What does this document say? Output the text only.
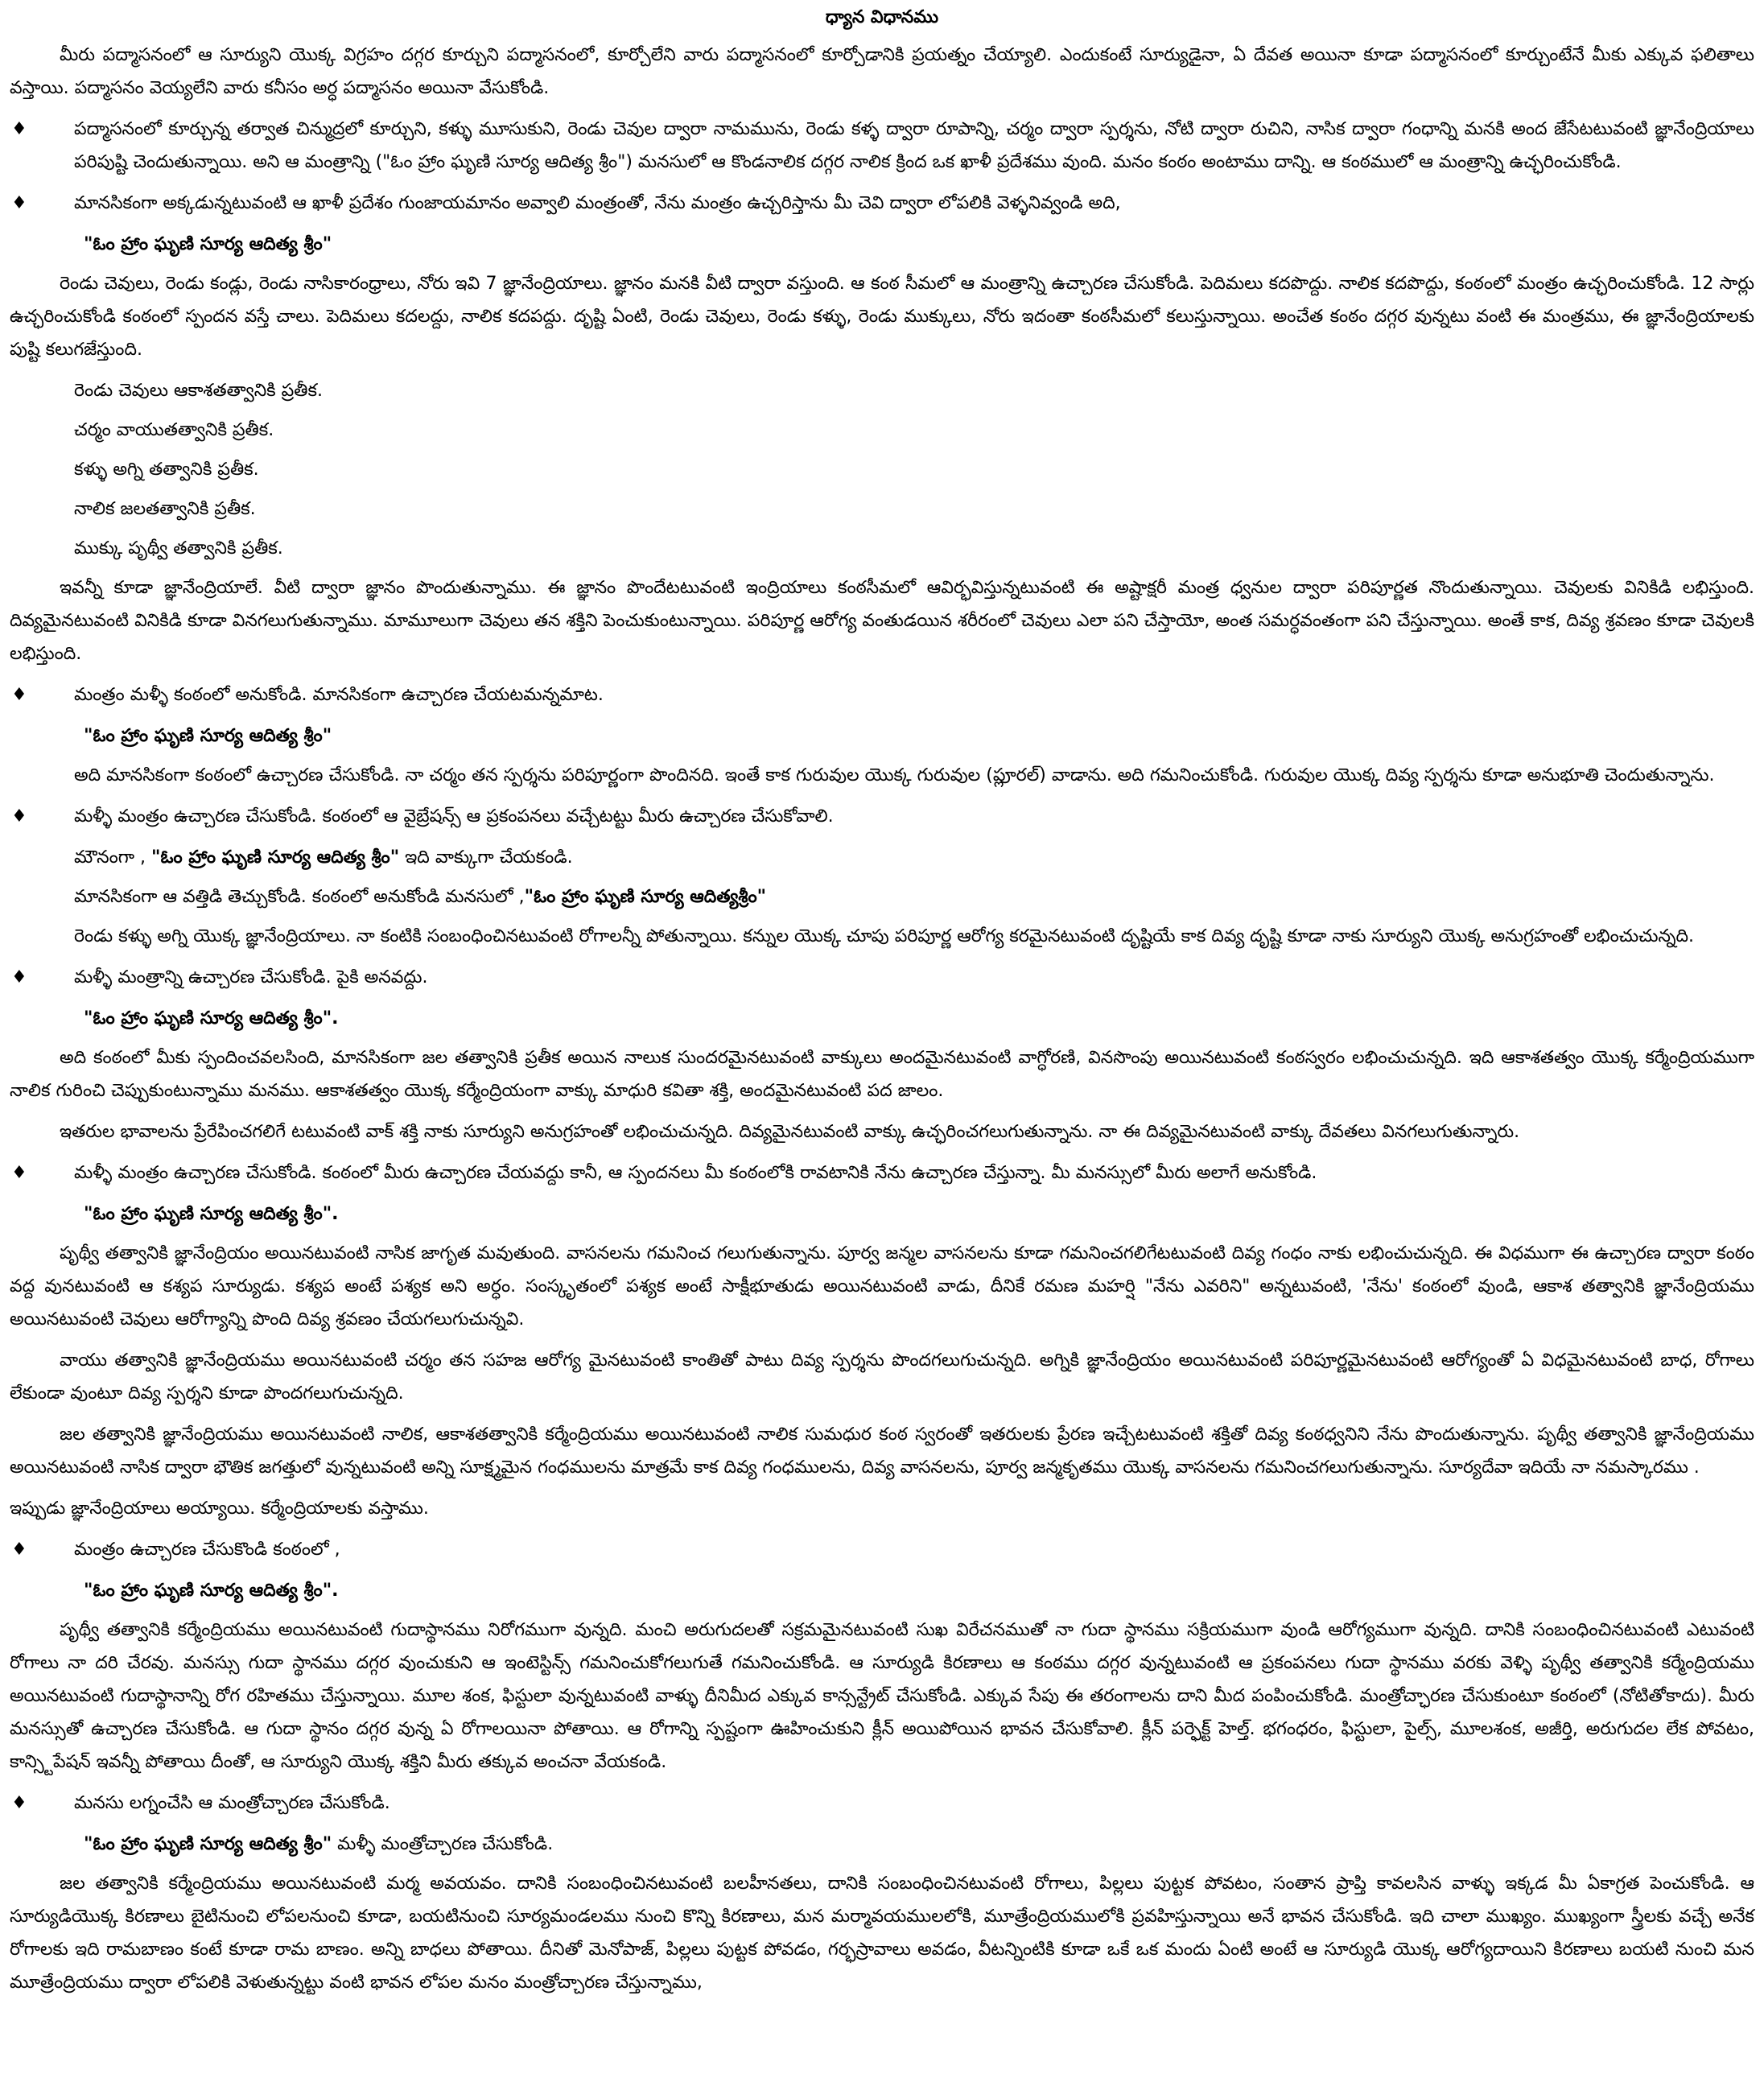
ధ్యాన విధానము

మీరు పద్మాసనంలో ఆ సూర్యుని యొక్క విగ్రహం దగ్గర కూర్చుని పద్మాసనంలో, కూర్చోలేని వారు పద్మాసనంలో కూర్చోడానికి ప్రయత్నం చేయ్యాలి. ఎందుకంటే సూర్యుడైనా, ఏ దేవత అయినా కూడా పద్మాసనంలో కూర్చుంటేనే మీకు ఎక్కువ ఫలితాలు వస్తాయి. పద్మాసనం వెయ్యలేని వారు కనీసం అర్ధ పద్మాసనం అయినా వేసుకోండి.

♦	పద్మాసనంలో కూర్చున్న తర్వాత చిన్ముద్రలో కూర్చుని, కళ్ళు మూసుకుని, రెండు చెవుల ద్వారా నామమును, రెండు కళ్ళ ద్వారా రూపాన్ని, చర్మం ద్వారా స్పర్శను, నోటి ద్వారా రుచిని, నాసిక ద్వారా గంధాన్ని మనకి అంద జేసేటటువంటి జ్ఞానేంద్రియాలు పరిపుష్టి చెందుతున్నాయి. అని ఆ మంత్రాన్ని ("ఓం హ్రాం ఘృణి సూర్య ఆదిత్య శ్రీం") మనసులో ఆ కొండనాలిక దగ్గర నాలిక క్రింద ఒక ఖాళీ ప్రదేశము వుంది. మనం కంఠం అంటాము దాన్ని. ఆ కంఠములో ఆ మంత్రాన్ని ఉచ్ఛరించుకోండి.
♦	మానసికంగా అక్కడున్నటువంటి ఆ ఖాళీ ప్రదేశం గుంజాయమానం అవ్వాలి మంత్రంతో, నేను మంత్రం ఉచ్చరిస్తాను మీ చెవి ద్వారా లోపలికి వెళ్ళనివ్వండి అది,
"ఓం హ్రాం ఘృణి సూర్య ఆదిత్య శ్రీం"

రెండు చెవులు, రెండు కండ్లు, రెండు నాసికారంధ్రాలు, నోరు ఇవి 7 జ్ఞానేంద్రియాలు. జ్ఞానం మనకి వీటి ద్వారా వస్తుంది. ఆ కంఠ సీమలో ఆ మంత్రాన్ని ఉచ్చారణ చేసుకోండి. పెదిమలు కదపొద్దు. నాలిక కదపొద్దు, కంఠంలో మంత్రం ఉచ్ఛరించుకోండి. 12 సార్లు ఉచ్ఛరించుకోండి కంఠంలో స్పందన వస్తే చాలు. పెదిమలు కదలద్దు, నాలిక కదపద్దు. దృష్టి ఏంటి, రెండు చెవులు, రెండు కళ్ళు, రెండు ముక్కులు, నోరు ఇదంతా కంఠసీమలో కలుస్తున్నాయి. అంచేత కంఠం దగ్గర వున్నటు వంటి ఈ మంత్రము, ఈ జ్ఞానేంద్రియాలకు పుష్టి కలుగజేస్తుంది.

రెండు చెవులు ఆకాశతత్వానికి ప్రతీక.
చర్మం వాయుతత్వానికి ప్రతీక.
కళ్ళు అగ్ని తత్వానికి ప్రతీక.
నాలిక జలతత్వానికి ప్రతీక.
ముక్కు పృథ్వీ తత్వానికి ప్రతీక.

ఇవన్నీ కూడా జ్ఞానేంద్రియాలే. వీటి ద్వారా జ్ఞానం పొందుతున్నాము. ఈ జ్ఞానం పొందేటటువంటి ఇంద్రియాలు కంఠసీమలో ఆవిర్భవిస్తున్నటువంటి ఈ అష్టాక్షరీ మంత్ర ధ్వనుల ద్వారా పరిపూర్ణత నొందుతున్నాయి. చెవులకు వినికిడి లభిస్తుంది. దివ్యమైనటువంటి వినికిడి కూడా వినగలుగుతున్నాము. మామూలుగా చెవులు తన శక్తిని పెంచుకుంటున్నాయి. పరిపూర్ణ ఆరోగ్య వంతుడయిన శరీరంలో చెవులు ఎలా పని చేస్తాయో, అంత సమర్ధవంతంగా పని చేస్తున్నాయి. అంతే కాక, దివ్య శ్రవణం కూడా చెవులకి లభిస్తుంది.

♦	మంత్రం మళ్ళీ కంఠంలో అనుకోండి. మానసికంగా ఉచ్చారణ చేయటమన్నమాట.
"ఓం హ్రాం ఘృణి సూర్య ఆదిత్య శ్రీం"

అది మానసికంగా కంఠంలో ఉచ్చారణ చేసుకోండి. నా చర్మం తన స్పర్శను పరిపూర్ణంగా పొందినది. ఇంతే కాక గురువుల యొక్క గురువుల (ప్లూరల్) వాడాను. అది గమనించుకోండి. గురువుల యొక్క దివ్య స్పర్శను కూడా అనుభూతి చెందుతున్నాను.

♦	మళ్ళీ మంత్రం ఉచ్చారణ చేసుకోండి. కంఠంలో ఆ వైబ్రేషన్స్ ఆ ప్రకంపనలు వచ్చేటట్టు మీరు ఉచ్చారణ చేసుకోవాలి.
మౌనంగా , "ఓం హ్రాం ఘృణి సూర్య ఆదిత్య శ్రీం" ఇది వాక్కుగా చేయకండి.
మానసికంగా ఆ వత్తిడి తెచ్చుకోండి. కంఠంలో అనుకోండి మనసులో ,"ఓం హ్రాం ఘృణి సూర్య ఆదిత్యశ్రీం"

రెండు కళ్ళు అగ్ని యొక్క జ్ఞానేంద్రియాలు. నా కంటికి సంబంధించినటువంటి రోగాలన్నీ పోతున్నాయి. కన్నుల యొక్క చూపు పరిపూర్ణ ఆరోగ్య కరమైనటువంటి దృష్టియే కాక దివ్య దృష్టి కూడా నాకు సూర్యుని యొక్క అనుగ్రహంతో లభించుచున్నది.

♦	మళ్ళీ మంత్రాన్ని ఉచ్చారణ చేసుకోండి. పైకి అనవద్దు.
"ఓం హ్రాం ఘృణి సూర్య ఆదిత్య శ్రీం".

అది కంఠంలో మీకు స్పందించవలసింది, మానసికంగా జల తత్వానికి ప్రతీక అయిన నాలుక సుందరమైనటువంటి వాక్కులు అందమైనటువంటి వాగ్ధోరణి, వినసొంపు అయినటువంటి కంఠస్వరం లభించుచున్నది. ఇది ఆకాశతత్వం యొక్క కర్మేంద్రియముగా నాలిక గురించి చెప్పుకుంటున్నాము మనము. ఆకాశతత్వం యొక్క కర్మేంద్రియంగా వాక్కు మాధురి కవితా శక్తి, అందమైనటువంటి పద జాలం.

ఇతరుల భావాలను ప్రేరేపించగలిగే టటువంటి వాక్ శక్తి నాకు సూర్యుని అనుగ్రహంతో లభించుచున్నది. దివ్యమైనటువంటి వాక్కు ఉచ్ఛరించగలుగుతున్నాను. నా ఈ దివ్యమైనటువంటి వాక్కు దేవతలు వినగలుగుతున్నారు.

♦	మళ్ళీ మంత్రం ఉచ్చారణ చేసుకోండి. కంఠంలో మీరు ఉచ్చారణ చేయవద్దు కానీ, ఆ స్పందనలు మీ కంఠంలోకి రావటానికి నేను ఉచ్చారణ చేస్తున్నా. మీ మనస్సులో మీరు అలాగే అనుకోండి.
"ఓం హ్రాం ఘృణి సూర్య ఆదిత్య శ్రీం".

పృథ్వీ తత్వానికి జ్ఞానేంద్రియం అయినటువంటి నాసిక జాగృత మవుతుంది. వాసనలను గమనించ గలుగుతున్నాను. పూర్వ జన్మల వాసనలను కూడా గమనించగలిగేటటువంటి దివ్య గంధం నాకు లభించుచున్నది. ఈ విధముగా ఈ ఉచ్చారణ ద్వారా కంఠం వద్ద వునటువంటి ఆ కశ్యప సూర్యుడు. కశ్యప అంటే పశ్యక అని అర్ధం. సంస్కృతంలో పశ్యక అంటే సాక్షీభూతుడు అయినటువంటి వాడు, దీనికే రమణ మహర్షి "నేను ఎవరిని" అన్నటువంటి, 'నేను' కంఠంలో వుండి, ఆకాశ తత్వానికి జ్ఞానేంద్రియము అయినటువంటి చెవులు ఆరోగ్యాన్ని పొంది దివ్య శ్రవణం చేయగలుగుచున్నవి.

వాయు తత్వానికి జ్ఞానేంద్రియము అయినటువంటి చర్మం తన సహజ ఆరోగ్య మైనటువంటి కాంతితో పాటు దివ్య స్పర్శను పొందగలుగుచున్నది. అగ్నికి జ్ఞానేంద్రియం అయినటువంటి పరిపూర్ణమైనటువంటి ఆరోగ్యంతో ఏ విధమైనటువంటి బాధ, రోగాలు లేకుండా వుంటూ దివ్య స్పర్శని కూడా పొందగలుగుచున్నది.

జల తత్వానికి జ్ఞానేంద్రియము అయినటువంటి నాలిక, ఆకాశతత్వానికి కర్మేంద్రియము అయినటువంటి నాలిక సుమధుర కంఠ స్వరంతో ఇతరులకు ప్రేరణ ఇచ్చేటటువంటి శక్తితో దివ్య కంఠధ్వనిని నేను పొందుతున్నాను. పృథ్వీ తత్వానికి జ్ఞానేంద్రియము అయినటువంటి నాసిక ద్వారా భౌతిక జగత్తులో వున్నటువంటి అన్ని సూక్ష్మమైన గంధములను మాత్రమే కాక దివ్య గంధములను, దివ్య వాసనలను, పూర్వ జన్మకృతము యొక్క వాసనలను గమనించగలుగుతున్నాను. సూర్యదేవా ఇదియే నా నమస్కారము .

ఇప్పుడు జ్ఞానేంద్రియాలు అయ్యాయి. కర్మేంద్రియాలకు వస్తాము.

♦	మంత్రం ఉచ్చారణ చేసుకొండి కంఠంలో ,
"ఓం హ్రాం ఘృణి సూర్య ఆదిత్య శ్రీం".

పృథ్వీ తత్వానికి కర్మేంద్రియము అయినటువంటి గుదాస్థానము నిరోగముగా వున్నది. మంచి అరుగుదలతో సక్రమమైనటువంటి సుఖ విరేచనముతో నా గుదా స్థానము సక్రియముగా వుండి ఆరోగ్యముగా వున్నది. దానికి సంబంధించినటువంటి ఎటువంటి రోగాలు నా దరి చేరవు. మనస్సు గుదా స్థానము దగ్గర వుంచుకుని ఆ ఇంటెస్టిన్స్ గమనించుకోగలుగుతే గమనించుకోండి. ఆ సూర్యుడి కిరణాలు ఆ కంఠము దగ్గర వున్నటువంటి ఆ ప్రకంపనలు గుదా స్థానము వరకు వెళ్ళి పృథ్వీ తత్వానికి కర్మేంద్రియము అయినటువంటి గుదాస్థానాన్ని రోగ రహితము చేస్తున్నాయి. మూల శంక, ఫిస్టులా వున్నటువంటి వాళ్ళు దీనిమీద ఎక్కువ కాన్సన్ట్రేట్ చేసుకోండి. ఎక్కువ సేపు ఈ తరంగాలను దాని మీద పంపించుకోండి. మంత్రోచ్ఛారణ చేసుకుంటూ కంఠంలో (నోటితోకాదు). మీరు మనస్సుతో ఉచ్చారణ చేసుకోండి. ఆ గుదా స్థానం దగ్గర వున్న ఏ రోగాలయినా పోతాయి. ఆ రోగాన్ని స్పష్టంగా ఊహించుకుని క్లీన్ అయిపోయిన భావన చేసుకోవాలి. క్లీన్ పర్ఫెక్ట్ హెల్త్. భగంధరం, ఫిస్టులా, పైల్స్, మూలశంక, అజీర్తి, అరుగుదల లేక పోవటం, కాన్స్టిపేషన్ ఇవన్నీ పోతాయి దీంతో, ఆ సూర్యుని యొక్క శక్తిని మీరు తక్కువ అంచనా వేయకండి.

♦	మనసు లగ్నంచేసి ఆ మంత్రోచ్చారణ చేసుకోండి.
"ఓం హ్రాం ఘృణి సూర్య ఆదిత్య శ్రీం" మళ్ళీ మంత్రోచ్చారణ చేసుకోండి.

జల తత్వానికి కర్మేంద్రియము అయినటువంటి మర్మ అవయవం. దానికి సంబంధించినటువంటి బలహీనతలు, దానికి సంబంధించినటువంటి రోగాలు, పిల్లలు పుట్టక పోవటం, సంతాన ప్రాప్తి కావలసిన వాళ్ళు ఇక్కడ మీ ఏకాగ్రత పెంచుకోండి. ఆ సూర్యుడియొక్క కిరణాలు బైటినుంచి లోపలనుంచి కూడా, బయటినుంచి సూర్యమండలము నుంచి కొన్ని కిరణాలు, మన మర్మావయములలోకి, మూత్రేంద్రియములోకి ప్రవహిస్తున్నాయి అనే భావన చేసుకోండి. ఇది చాలా ముఖ్యం. ముఖ్యంగా స్త్రీలకు వచ్చే అనేక రోగాలకు ఇది రామబాణం కంటే కూడా రామ బాణం. అన్ని బాధలు పోతాయి. దీనితో మెనోపాజ్, పిల్లలు పుట్టక పోవడం, గర్భస్రావాలు అవడం, వీటన్నింటికి కూడా ఒకే ఒక మందు ఏంటి అంటే ఆ సూర్యుడి యొక్క ఆరోగ్యదాయిని కిరణాలు బయటి నుంచి మన మూత్రేంద్రియము ద్వారా లోపలికి వెళుతున్నట్టు వంటి భావన లోపల మనం మంత్రోచ్చారణ చేస్తున్నాము,
